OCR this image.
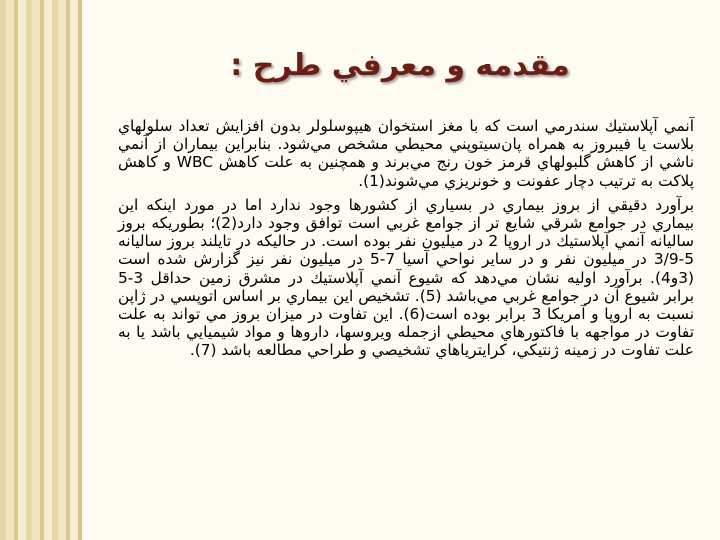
مقدمه و معرفي طرح :

آنمي آپلاستيك سندرمي است كه با مغز استخوان هيپوسلولر بدون افزايش تعداد سلولهاي بلاست يا فيبروز به همراه پان‌سيتوپني محيطي مشخص مي‌شود. بنابراين بيماران از آنمي ناشي از كاهش گلبولهاي قرمز خون رنج مي‌برند و همچنين به علت كاهش WBC و كاهش پلاكت به ترتيب دچار عفونت و خونريزي مي‌شوند(1).

برآورد دقيقي از بروز بيماري در بسياري از كشورها وجود ندارد اما در مورد اينكه اين بيماري در جوامع شرقي شايع تر از جوامع غربي است توافق وجود دارد(2)؛ بطوريكه بروز سالیانه آنمي آپلاستيك در اروپا 2 در ميليون نفر بوده است. در حاليكه در تايلند بروز ساليانه 5-3/9 در ميليون نفر و در ساير نواحي آسيا 7-5 در ميليون نفر نيز گزارش شده است (3و4). برآورد اوليه نشان مي‌دهد كه شيوع آنمي آپلاستيك در مشرق زمين حداقل 3-5 برابر شيوع آن در جوامع غربي مي‌باشد (5). تشخيص اين بيماري بر اساس اتوپسي در ژاپن نسبت به اروپا و آمريكا 3 برابر بوده است(6). اين تفاوت در ميزان بروز مي تواند به علت تفاوت در مواجهه با فاكتورهاي محيطي ازجمله ويروسها، داروها و مواد شيميايي باشد يا به علت تفاوت در زمينه ژنتيكي، كرايتريا‌هاي تشخيصي و طراحي مطالعه باشد (7).
